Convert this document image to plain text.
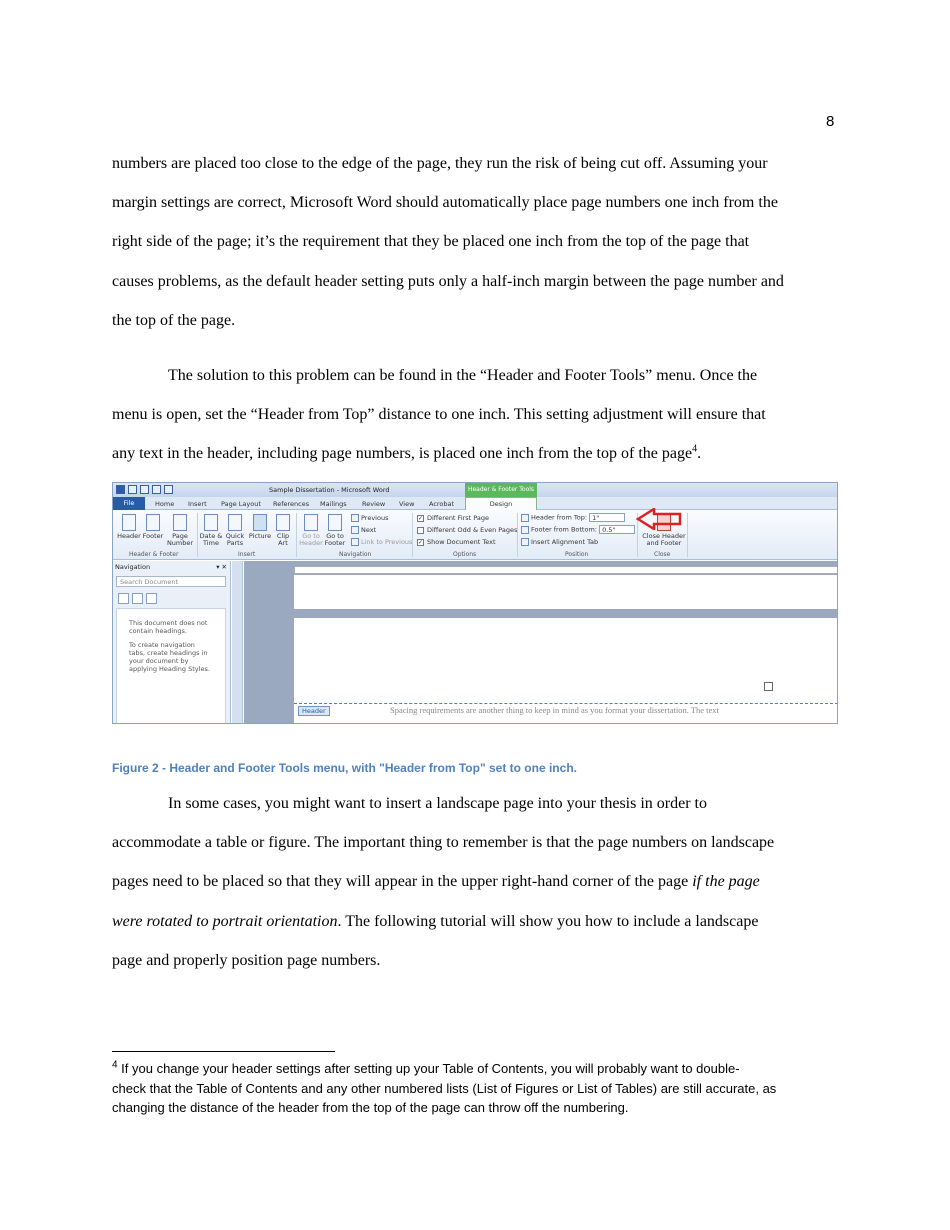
8
numbers are placed too close to the edge of the page, they run the risk of being cut off. Assuming your
margin settings are correct, Microsoft Word should automatically place page numbers one inch from the
right side of the page; it’s the requirement that they be placed one inch from the top of the page that
causes problems, as the default header setting puts only a half-inch margin between the page number and
the top of the page.
The solution to this problem can be found in the “Header and Footer Tools” menu. Once the
menu is open, set the “Header from Top” distance to one inch. This setting adjustment will ensure that
any text in the header, including page numbers, is placed one inch from the top of the page$^4$.
Sample Dissertation - Microsoft Word	Header & Footer Tools
File	Home Insert Page Layout References Mailings Review View Acrobat	Design
Header Footer	Page Number
Date & Time
Quick Parts
Picture Clip Art
Go to Header
Go to Footer
Previous
Next
Link to Previous
✓ Different First Page
Different Odd & Even Pages
✓ Show Document Text
Header from Top: 1"
Footer from Bottom: 0.5"
Insert Alignment Tab
Close Header and Footer
Header & Footer	Insert	Navigation	Options	Position	Close
Navigation	▾ ✕
Search Document

This document does not contain headings.

To create navigation tabs, create headings in your document by applying Heading Styles.

Header	Spacing requirements are another thing to keep in mind as you format your dissertation. The text
Figure 2 - Header and Footer Tools menu, with "Header from Top" set to one inch.
In some cases, you might want to insert a landscape page into your thesis in order to
accommodate a table or figure. The important thing to remember is that the page numbers on landscape
pages need to be placed so that they will appear in the upper right-hand corner of the page if the page
were rotated to portrait orientation. The following tutorial will show you how to include a landscape
page and properly position page numbers.
$^4$ If you change your header settings after setting up your Table of Contents, you will probably want to double-
check that the Table of Contents and any other numbered lists (List of Figures or List of Tables) are still accurate, as
changing the distance of the header from the top of the page can throw off the numbering.
